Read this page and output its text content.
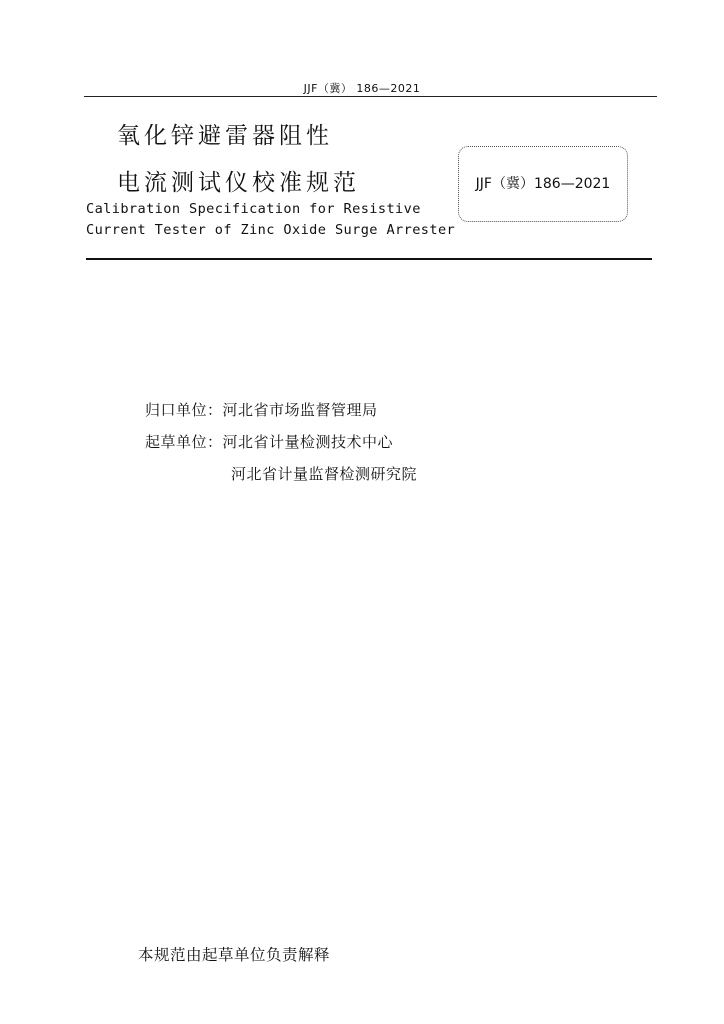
JJF（冀） 186—2021
氧化锌避雷器阻性
电流测试仪校准规范	JJF（冀）186—2021
Calibration Specification for Resistive
Current Tester of Zinc Oxide Surge Arrester
归口单位：河北省市场监督管理局
起草单位：河北省计量检测技术中心
河北省计量监督检测研究院
本规范由起草单位负责解释
